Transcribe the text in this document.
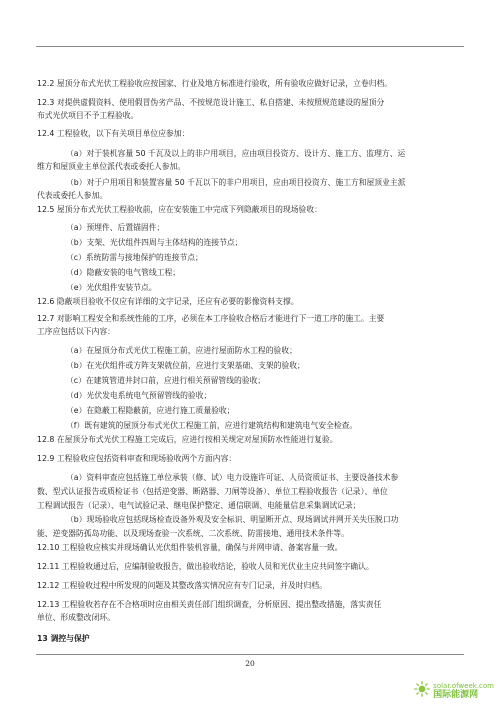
12.2 屋顶分布式光伏工程验收应按国家、行业及地方标准进行验收，所有验收应做好记录，立卷归档。
12.3 对提供虚假资料、使用假冒伪劣产品、不按规范设计施工、私自搭建、未按照规范建设的屋顶分
布式光伏项目不予工程验收。
12.4 工程验收，以下有关项目单位应参加：
（a）对于装机容量 50 千瓦及以上的非户用项目，应由项目投资方、设计方、施工方、监理方、运
维方和屋顶业主单位派代表或委托人参加。
（b）对于户用项目和装置容量 50 千瓦以下的非户用项目，应由项目投资方、施工方和屋顶业主派
代表或委托人参加。
12.5 屋顶分布式光伏工程验收前，应在安装施工中完成下列隐蔽项目的现场验收：
（a）预埋件、后置锚固件；
（b）支架、光伏组件四周与主体结构的连接节点；
（c）系统防雷与接地保护的连接节点；
（d）隐蔽安装的电气管线工程；
（e）光伏组件安装节点。
12.6 隐蔽项目验收不仅应有详细的文字记录，还应有必要的影像资料支撑。
12.7 对影响工程安全和系统性能的工序，必须在本工序验收合格后才能进行下一道工序的施工。主要
工序应包括以下内容：
（a）在屋顶分布式光伏工程施工前，应进行屋面防水工程的验收；
（b）在光伏组件或方阵支架就位前，应进行支架基础、支架的验收；
（c）在建筑管道井封口前，应进行相关预留管线的验收；
（d）光伏发电系统电气预留管线的验收；
（e）在隐蔽工程隐蔽前，应进行施工质量验收；
（f）既有建筑的屋顶分布式光伏工程施工前，应进行建筑结构和建筑电气安全检查。
12.8 在屋顶分布式光伏工程施工完成后，应进行按相关规定对屋顶防水性能进行复验。
12.9 工程验收应包括资料审查和现场验收两个方面内容：
（a）资料审查应包括施工单位承装（修、试）电力设施许可证、人员资质证书、主要设备技术参
数、型式认证报告或质检证书（包括逆变器、断路器、刀闸等设备）、单位工程验收报告（记录）、单位
工程调试报告（记录）、电气试验记录、继电保护整定、通信联调、电能量信息采集调试记录；
（b）现场验收应包括现场检查设备外观及安全标识、明显断开点、现场调试并网开关失压脱口功
能、逆变器防孤岛功能、以及现场查验一次系统、二次系统、防雷接地、通用技术条件等。
12.10 工程验收应核实并现场确认光伏组件装机容量，确保与并网申请、备案容量一致。
12.11 工程验收通过后，应编制验收报告，做出验收结论，验收人员和光伏业主应共同签字确认。
12.12 工程验收过程中所发现的问题及其整改落实情况应有专门记录，并及时归档。
12.13 工程验收若存在不合格项时应由相关责任部门组织调查，分析原因、提出整改措施，落实责任
单位、形成整改闭环。
13 调控与保护
20
solar.ofweek.com
国际能源网
